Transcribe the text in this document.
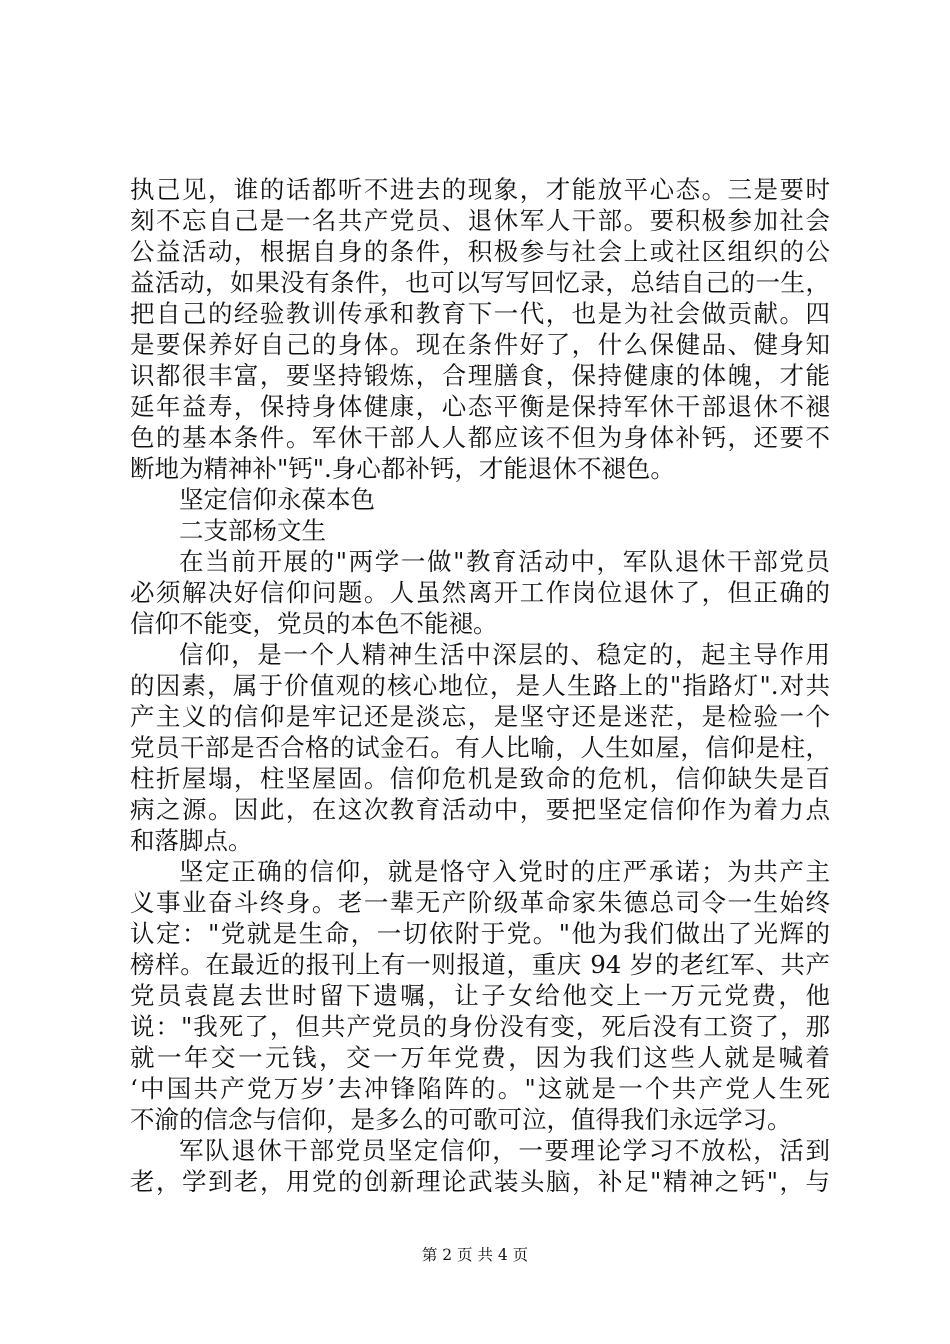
执己见，谁的话都听不进去的现象，才能放平心态。三是要时
刻不忘自己是一名共产党员、退休军人干部。要积极参加社会
公益活动，根据自身的条件，积极参与社会上或社区组织的公
益活动，如果没有条件，也可以写写回忆录，总结自己的一生，
把自己的经验教训传承和教育下一代，也是为社会做贡献。四
是要保养好自己的身体。现在条件好了，什么保健品、健身知
识都很丰富，要坚持锻炼，合理膳食，保持健康的体魄，才能
延年益寿，保持身体健康，心态平衡是保持军休干部退休不褪
色的基本条件。军休干部人人都应该不但为身体补钙，还要不
断地为精神补"钙".身心都补钙，才能退休不褪色。
坚定信仰永葆本色
二支部杨文生
在当前开展的"两学一做"教育活动中，军队退休干部党员
必须解决好信仰问题。人虽然离开工作岗位退休了，但正确的
信仰不能变，党员的本色不能褪。
信仰，是一个人精神生活中深层的、稳定的，起主导作用
的因素，属于价值观的核心地位，是人生路上的"指路灯".对共
产主义的信仰是牢记还是淡忘，是坚守还是迷茫，是检验一个
党员干部是否合格的试金石。有人比喻，人生如屋，信仰是柱，
柱折屋塌，柱坚屋固。信仰危机是致命的危机，信仰缺失是百
病之源。因此，在这次教育活动中，要把坚定信仰作为着力点
和落脚点。
坚定正确的信仰，就是恪守入党时的庄严承诺；为共产主
义事业奋斗终身。老一辈无产阶级革命家朱德总司令一生始终
认定："党就是生命，一切依附于党。"他为我们做出了光辉的
榜样。在最近的报刊上有一则报道，重庆 94 岁的老红军、共产
党员袁崑去世时留下遗嘱，让子女给他交上一万元党费，他
说："我死了，但共产党员的身份没有变，死后没有工资了，那
就一年交一元钱，交一万年党费，因为我们这些人就是喊着
‘中国共产党万岁’去冲锋陷阵的。"这就是一个共产党人生死
不渝的信念与信仰，是多么的可歌可泣，值得我们永远学习。
军队退休干部党员坚定信仰，一要理论学习不放松，活到
老，学到老，用党的创新理论武装头脑，补足"精神之钙"，与
第 2 页 共 4 页
